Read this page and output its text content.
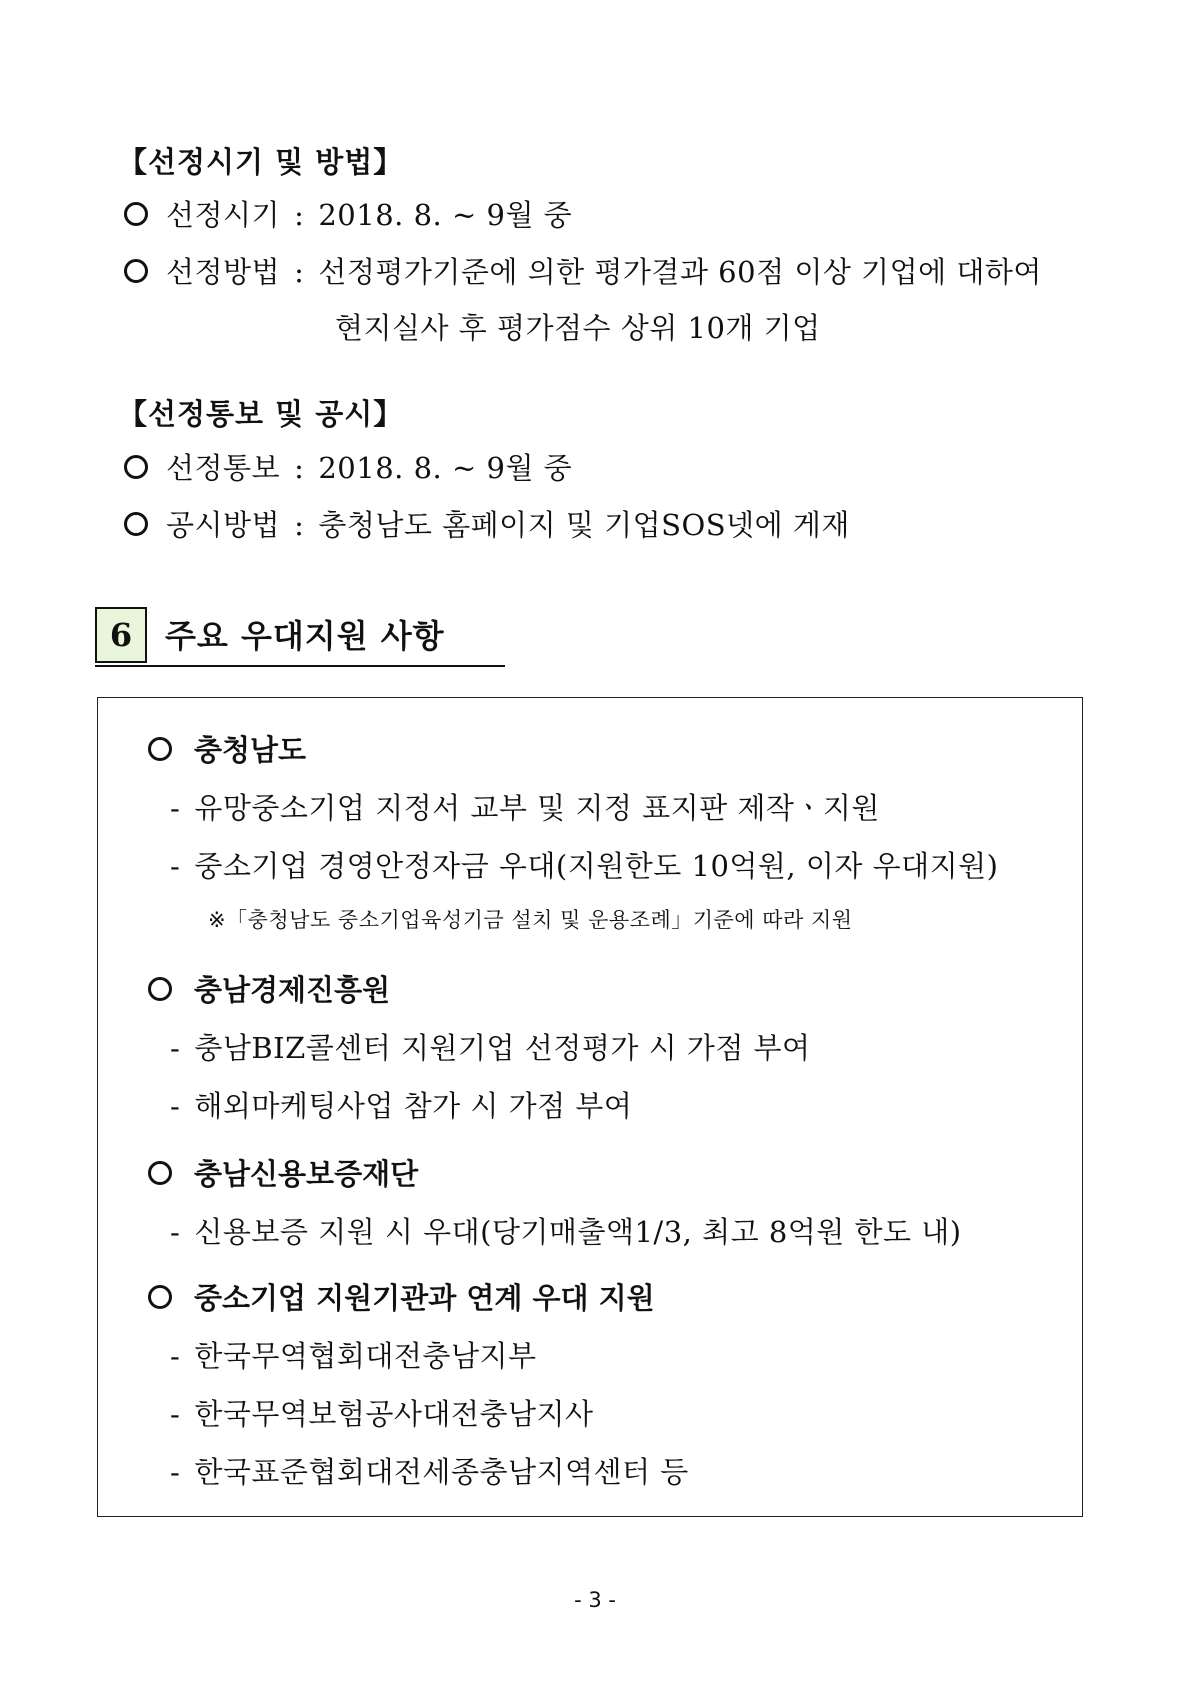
【선정시기 및 방법】
선정시기 : 2018. 8. ~ 9월 중
선정방법 : 선정평가기준에 의한 평가결과 60점 이상 기업에 대하여
현지실사 후 평가점수 상위 10개 기업
【선정통보 및 공시】
선정통보 : 2018. 8. ~ 9월 중
공시방법 : 충청남도 홈페이지 및 기업SOS넷에 게재
6	주요 우대지원 사항
충청남도
- 유망중소기업 지정서 교부 및 지정 표지판 제작ㆍ지원
- 중소기업 경영안정자금 우대(지원한도 10억원, 이자 우대지원)
※「충청남도 중소기업육성기금 설치 및 운용조례」기준에 따라 지원
충남경제진흥원
- 충남BIZ콜센터 지원기업 선정평가 시 가점 부여
- 해외마케팅사업 참가 시 가점 부여
충남신용보증재단
- 신용보증 지원 시 우대(당기매출액1/3, 최고 8억원 한도 내)
중소기업 지원기관과 연계 우대 지원
- 한국무역협회대전충남지부
- 한국무역보험공사대전충남지사
- 한국표준협회대전세종충남지역센터 등
- 3 -
